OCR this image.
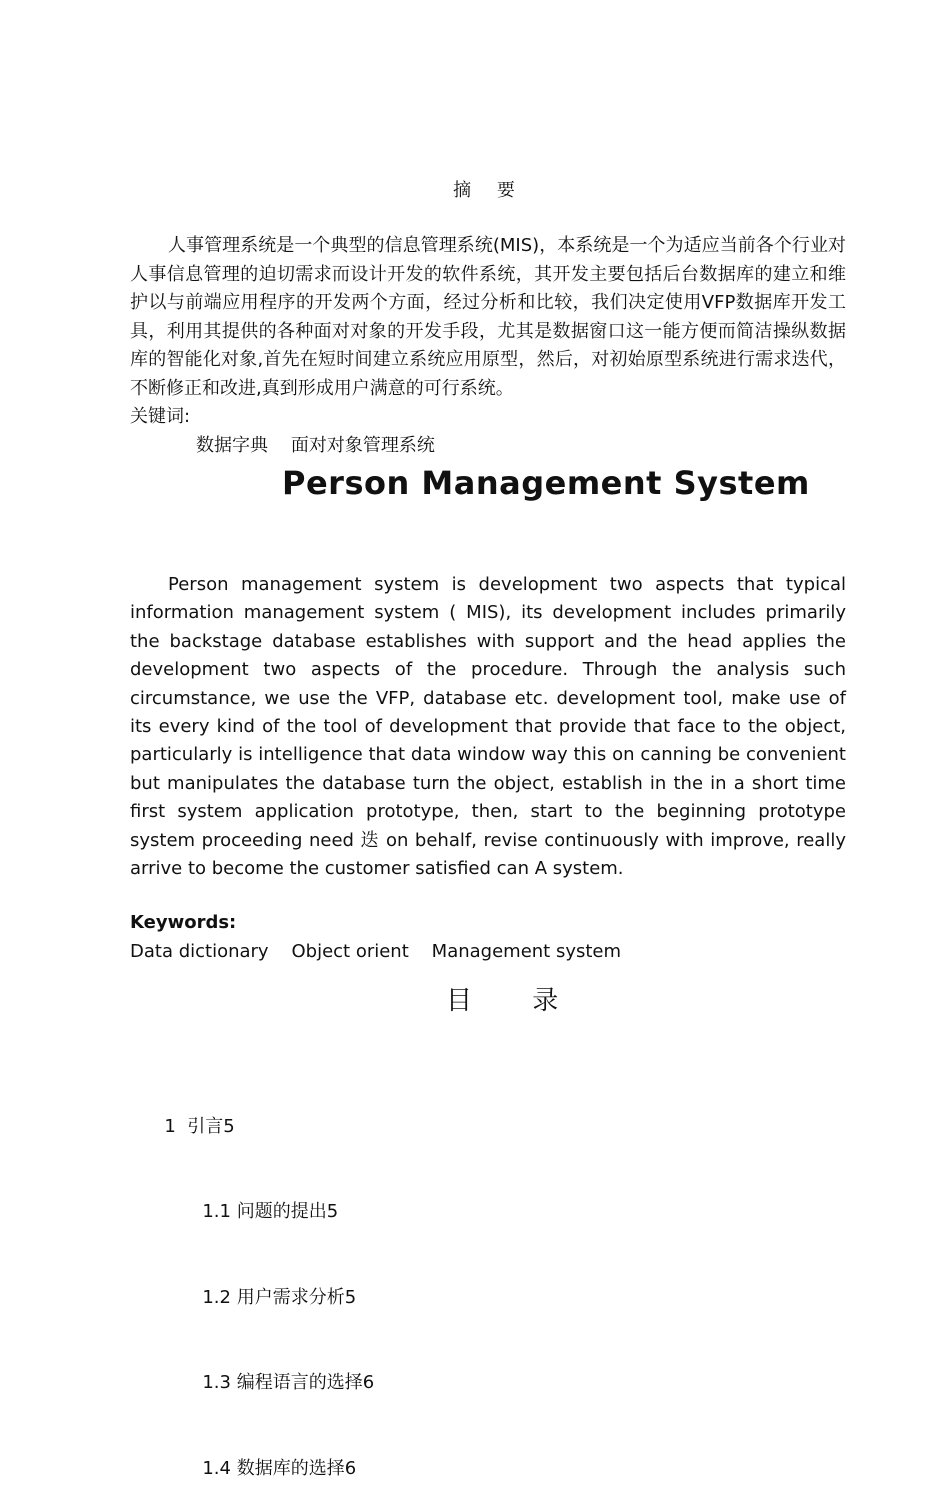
摘 要
人事管理系统是一个典型的信息管理系统(MIS)，本系统是一个为适应当前各个行业对人事信息管理的迫切需求而设计开发的软件系统，其开发主要包括后台数据库的建立和维护以与前端应用程序的开发两个方面，经过分析和比较，我们决定使用VFP数据库开发工具，利用其提供的各种面对对象的开发手段，尤其是数据窗口这一能方便而简洁操纵数据库的智能化对象,首先在短时间建立系统应用原型，然后，对初始原型系统进行需求迭代，不断修正和改进,真到形成用户满意的可行系统。
关键词:
数据字典    面对对象管理系统
Person Management System
Person management system is development two aspects that typical information management system ( MIS), its development includes primarily the backstage database establishes with support and the head applies the development two aspects of the procedure. Through the analysis such circumstance, we use the VFP, database etc. development tool, make use of its every kind of the tool of development that provide that face to the object, particularly is intelligence that data window way this on canning be convenient but manipulates the database turn the object, establish in the in a short time first system application prototype, then, start to the beginning prototype system proceeding need 迭 on behalf, revise continuously with improve, really arrive to become the customer satisfied can A system.
Keywords:
Data dictionary    Object orient    Management system
目 录

1 引言5

1.1 问题的提出5

1.2 用户需求分析5

1.3 编程语言的选择6

1.4 数据库的选择6
